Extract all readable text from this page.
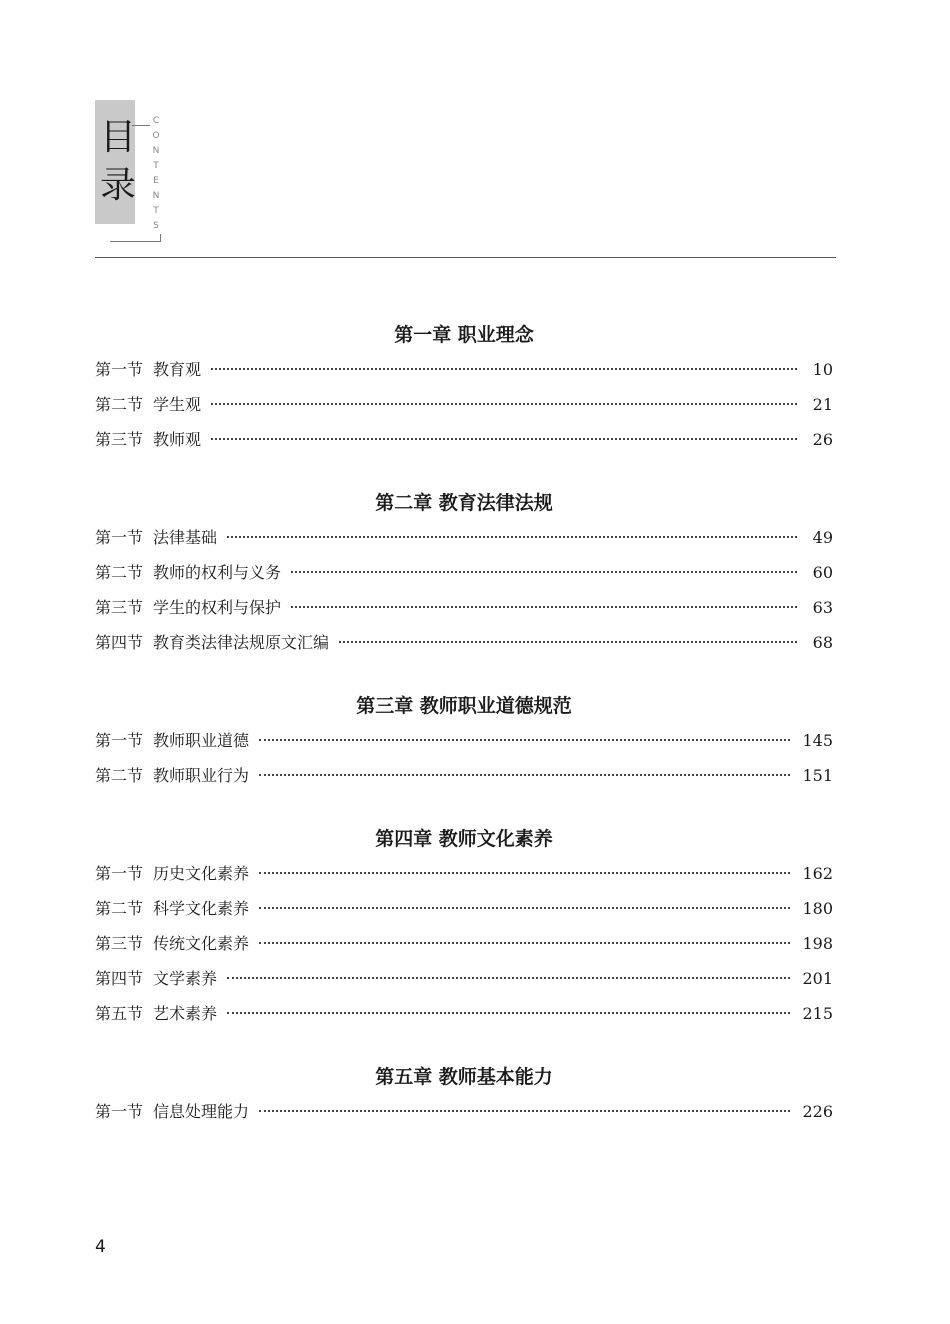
目
录
C
O
N
T
E
N
T
S
第一章 职业理念
第一节 教育观	10
第二节 学生观	21
第三节 教师观	26
第二章 教育法律法规
第一节 法律基础	49
第二节 教师的权利与义务	60
第三节 学生的权利与保护	63
第四节 教育类法律法规原文汇编	68
第三章 教师职业道德规范
第一节 教师职业道德	145
第二节 教师职业行为	151
第四章 教师文化素养
第一节 历史文化素养	162
第二节 科学文化素养	180
第三节 传统文化素养	198
第四节 文学素养	201
第五节 艺术素养	215
第五章 教师基本能力
第一节 信息处理能力	226
4
